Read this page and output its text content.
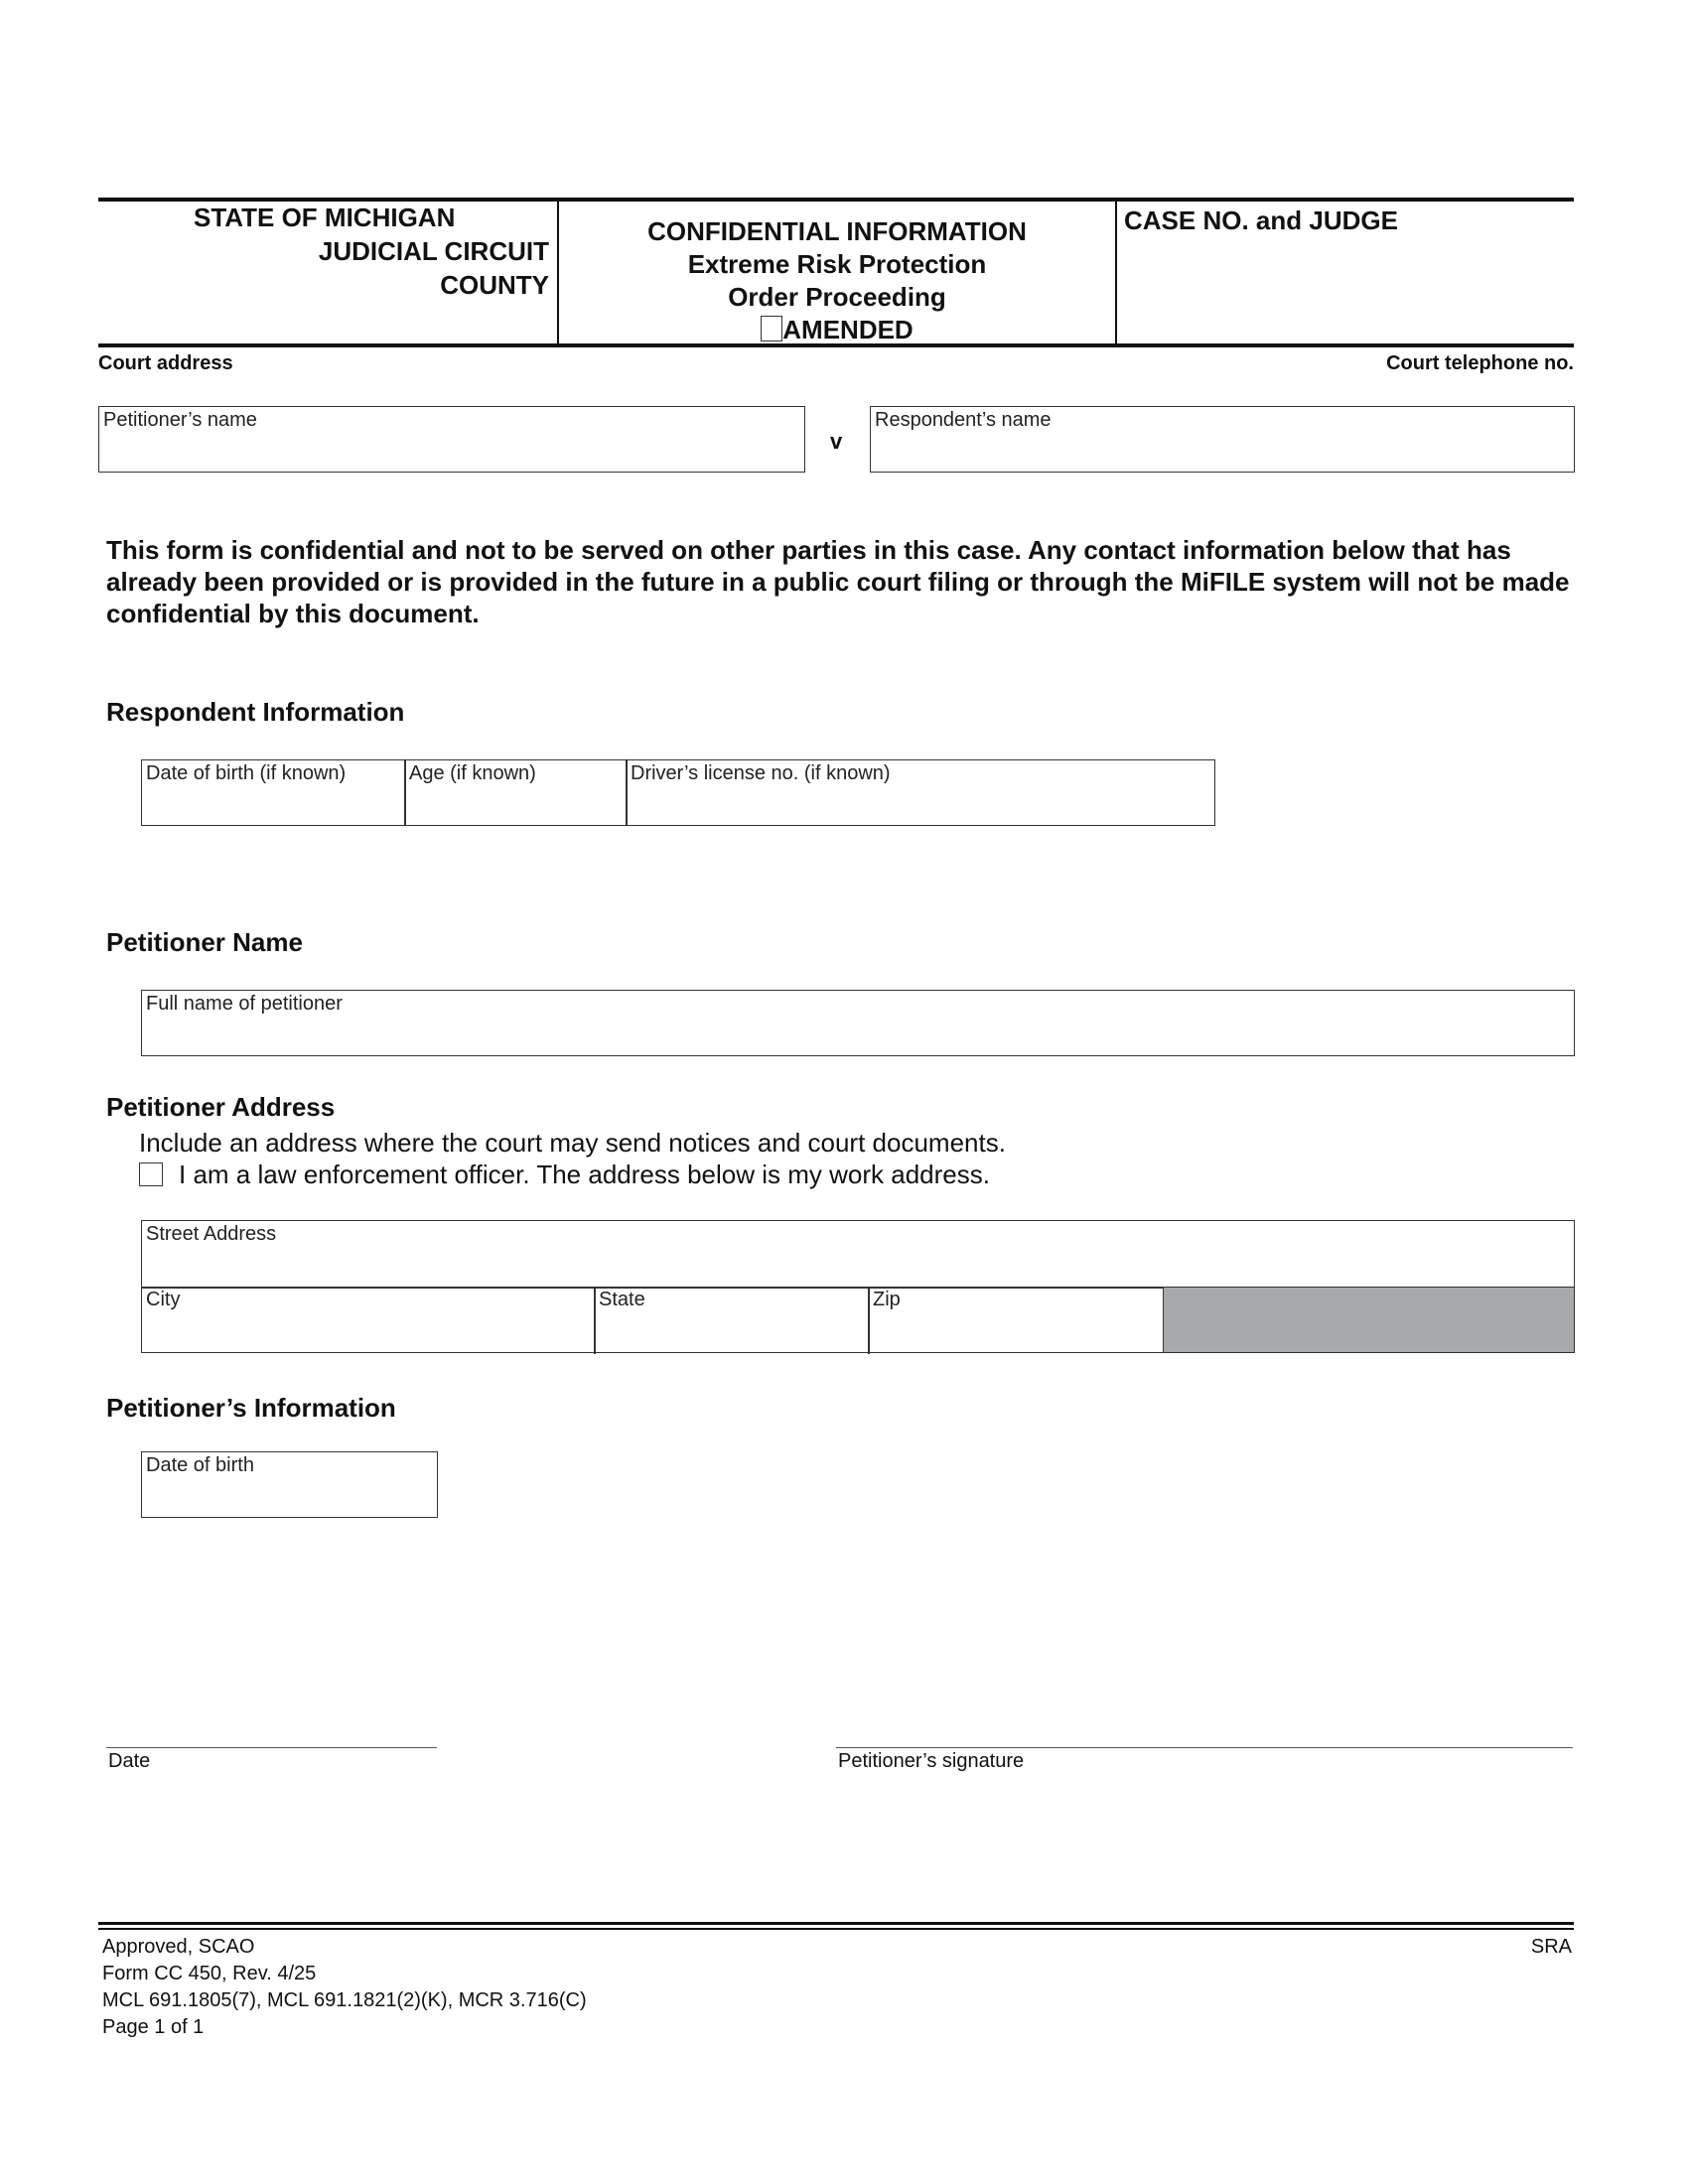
STATE OF MICHIGAN
JUDICIAL CIRCUIT
COUNTY
CONFIDENTIAL INFORMATION
Extreme Risk Protection
Order Proceeding
AMENDED
CASE NO. and JUDGE
Court address	Court telephone no.
Petitioner’s name
v
Respondent’s name
This form is confidential and not to be served on other parties in this case. Any contact information below that has already been provided or is provided in the future in a public court filing or through the MiFILE system will not be made confidential by this document.
Respondent Information
Date of birth (if known)	Age (if known)	Driver’s license no. (if known)
Petitioner Name
Full name of petitioner
Petitioner Address
Include an address where the court may send notices and court documents.
I am a law enforcement officer. The address below is my work address.
Street Address
City	State	Zip
Petitioner’s Information
Date of birth
Date	Petitioner’s signature
Approved, SCAO
Form CC 450, Rev. 4/25
MCL 691.1805(7), MCL 691.1821(2)(K), MCR 3.716(C)
Page 1 of 1
SRA
